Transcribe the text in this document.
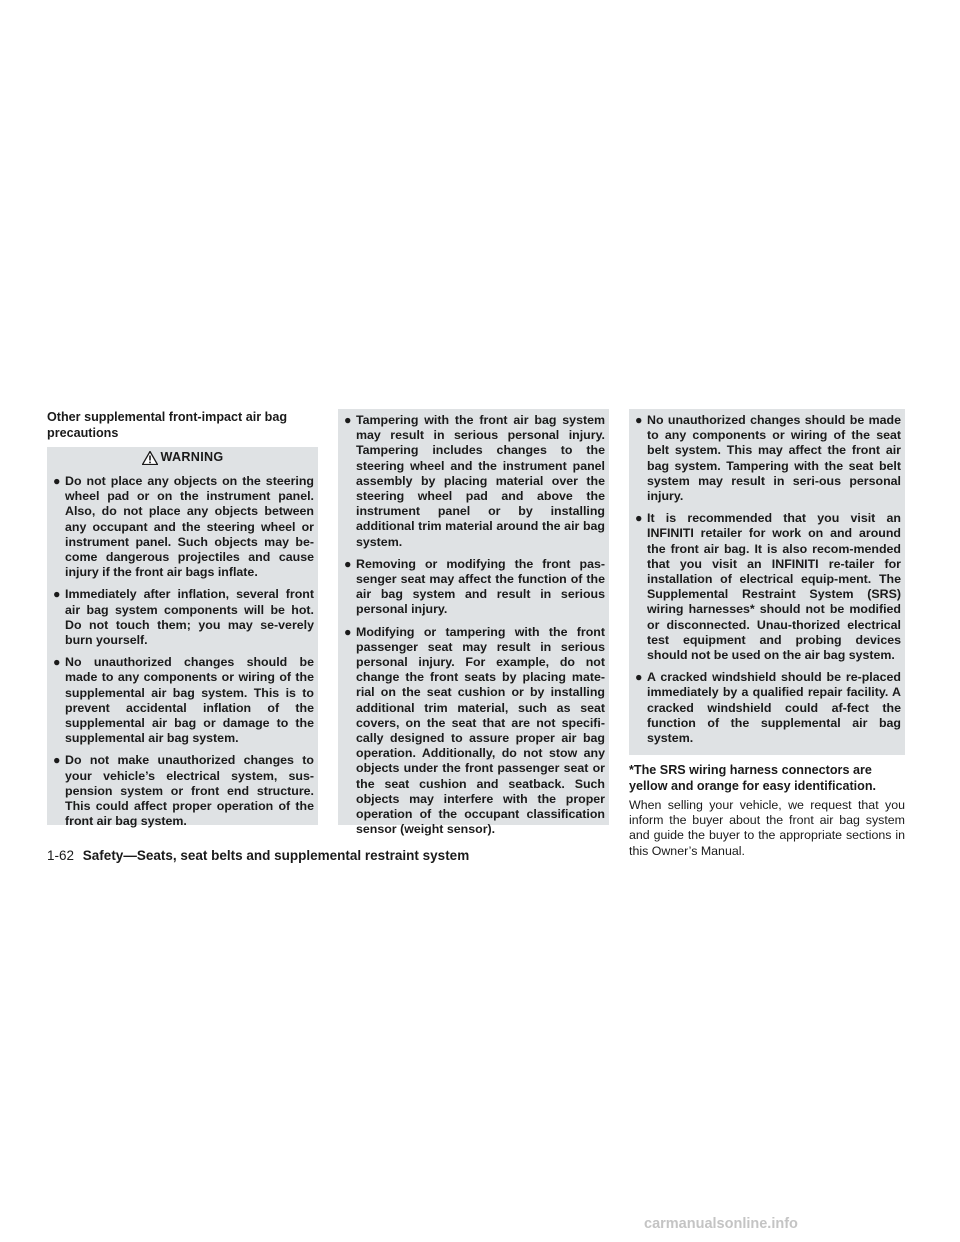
Other supplemental front-impact air bag precautions
WARNING
● Do not place any objects on the steering wheel pad or on the instrument panel. Also, do not place any objects between any occupant and the steering wheel or instrument panel. Such objects may be-come dangerous projectiles and cause injury if the front air bags inflate.
● Immediately after inflation, several front air bag system components will be hot. Do not touch them; you may se-verely burn yourself.
● No unauthorized changes should be made to any components or wiring of the supplemental air bag system. This is to prevent accidental inflation of the supplemental air bag or damage to the supplemental air bag system.
● Do not make unauthorized changes to your vehicle’s electrical system, sus-pension system or front end structure. This could affect proper operation of the front air bag system.
● Tampering with the front air bag system may result in serious personal injury. Tampering includes changes to the steering wheel and the instrument panel assembly by placing material over the steering wheel pad and above the instrument panel or by installing additional trim material around the air bag system.
● Removing or modifying the front pas-senger seat may affect the function of the air bag system and result in serious personal injury.
● Modifying or tampering with the front passenger seat may result in serious personal injury. For example, do not change the front seats by placing mate-rial on the seat cushion or by installing additional trim material, such as seat covers, on the seat that are not specifi-cally designed to assure proper air bag operation. Additionally, do not stow any objects under the front passenger seat or the seat cushion and seatback. Such objects may interfere with the proper operation of the occupant classification sensor (weight sensor).
● No unauthorized changes should be made to any components or wiring of the seat belt system. This may affect the front air bag system. Tampering with the seat belt system may result in seri-ous personal injury.
● It is recommended that you visit an INFINITI retailer for work on and around the front air bag. It is also recom-mended that you visit an INFINITI re-tailer for installation of electrical equip-ment. The Supplemental Restraint System (SRS) wiring harnesses* should not be modified or disconnected. Unau-thorized electrical test equipment and probing devices should not be used on the air bag system.
● A cracked windshield should be re-placed immediately by a qualified repair facility. A cracked windshield could af-fect the function of the supplemental air bag system.
*The SRS wiring harness connectors are yellow and orange for easy identification.
When selling your vehicle, we request that you inform the buyer about the front air bag system and guide the buyer to the appropriate sections in this Owner’s Manual.
1-62 Safety—Seats, seat belts and supplemental restraint system
carmanualsonline.info
